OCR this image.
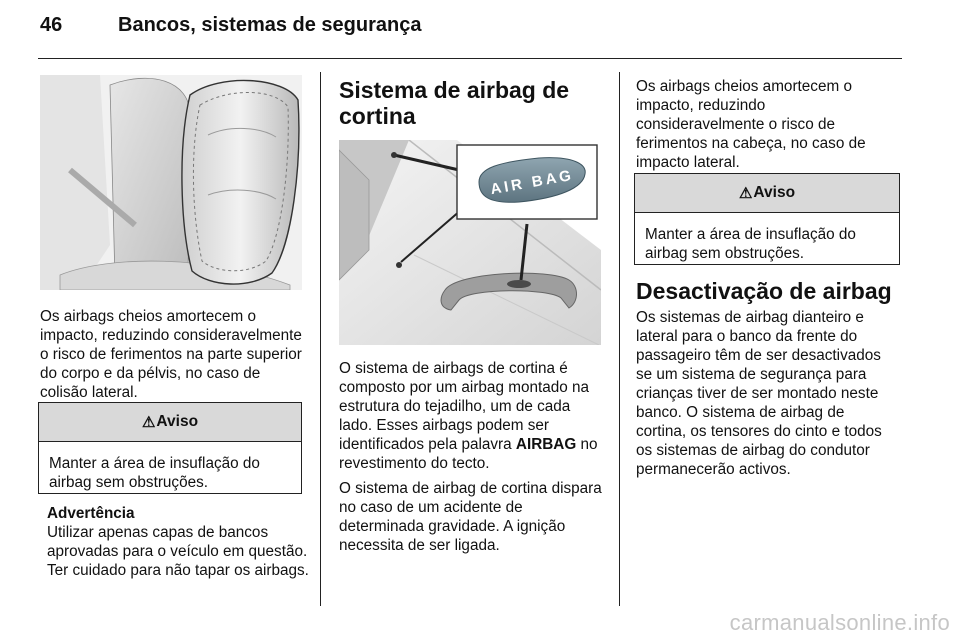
46	Bancos, sistemas de segurança

Os airbags cheios amortecem o impacto, reduzindo consideravelmente o risco de ferimentos na parte superior do corpo e da pélvis, no caso de colisão lateral.

⚠ Aviso
Manter a área de insuflação do airbag sem obstruções.

Advertência

Utilizar apenas capas de bancos aprovadas para o veículo em questão. Ter cuidado para não tapar os airbags.

Sistema de airbag de cortina
AIR BAG

O sistema de airbags de cortina é composto por um airbag montado na estrutura do tejadilho, um de cada lado. Esses airbags podem ser identificados pela palavra AIRBAG no revestimento do tecto.

O sistema de airbag de cortina dispara no caso de um acidente de determinada gravidade. A ignição necessita de ser ligada.

Os airbags cheios amortecem o impacto, reduzindo consideravelmente o risco de ferimentos na cabeça, no caso de impacto lateral.

⚠ Aviso
Manter a área de insuflação do airbag sem obstruções.
Desactivação de airbag

Os sistemas de airbag dianteiro e lateral para o banco da frente do passageiro têm de ser desactivados se um sistema de segurança para crianças tiver de ser montado neste banco. O sistema de airbag de cortina, os tensores do cinto e todos os sistemas de airbag do condutor permanecerão activos.

carmanualsonline.info
